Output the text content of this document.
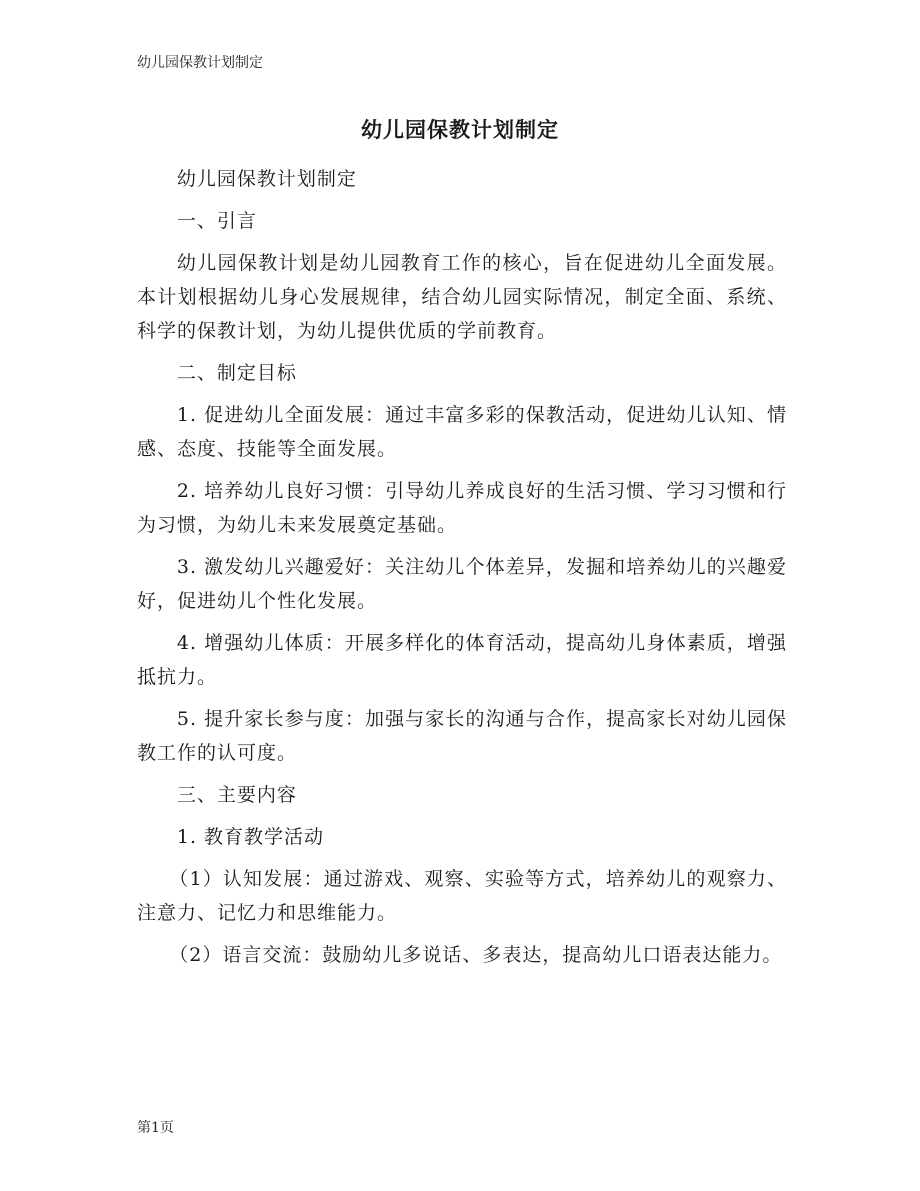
幼儿园保教计划制定
幼儿园保教计划制定

幼儿园保教计划制定

一、引言

幼儿园保教计划是幼儿园教育工作的核心，旨在促进幼儿全面发展。本计划根据幼儿身心发展规律，结合幼儿园实际情况，制定全面、系统、科学的保教计划，为幼儿提供优质的学前教育。

二、制定目标

1. 促进幼儿全面发展：通过丰富多彩的保教活动，促进幼儿认知、情感、态度、技能等全面发展。

2. 培养幼儿良好习惯：引导幼儿养成良好的生活习惯、学习习惯和行为习惯，为幼儿未来发展奠定基础。

3. 激发幼儿兴趣爱好：关注幼儿个体差异，发掘和培养幼儿的兴趣爱好，促进幼儿个性化发展。

4. 增强幼儿体质：开展多样化的体育活动，提高幼儿身体素质，增强抵抗力。

5. 提升家长参与度：加强与家长的沟通与合作，提高家长对幼儿园保教工作的认可度。

三、主要内容

1. 教育教学活动

（1）认知发展：通过游戏、观察、实验等方式，培养幼儿的观察力、注意力、记忆力和思维能力。

（2）语言交流：鼓励幼儿多说话、多表达，提高幼儿口语表达能力。

第1页
